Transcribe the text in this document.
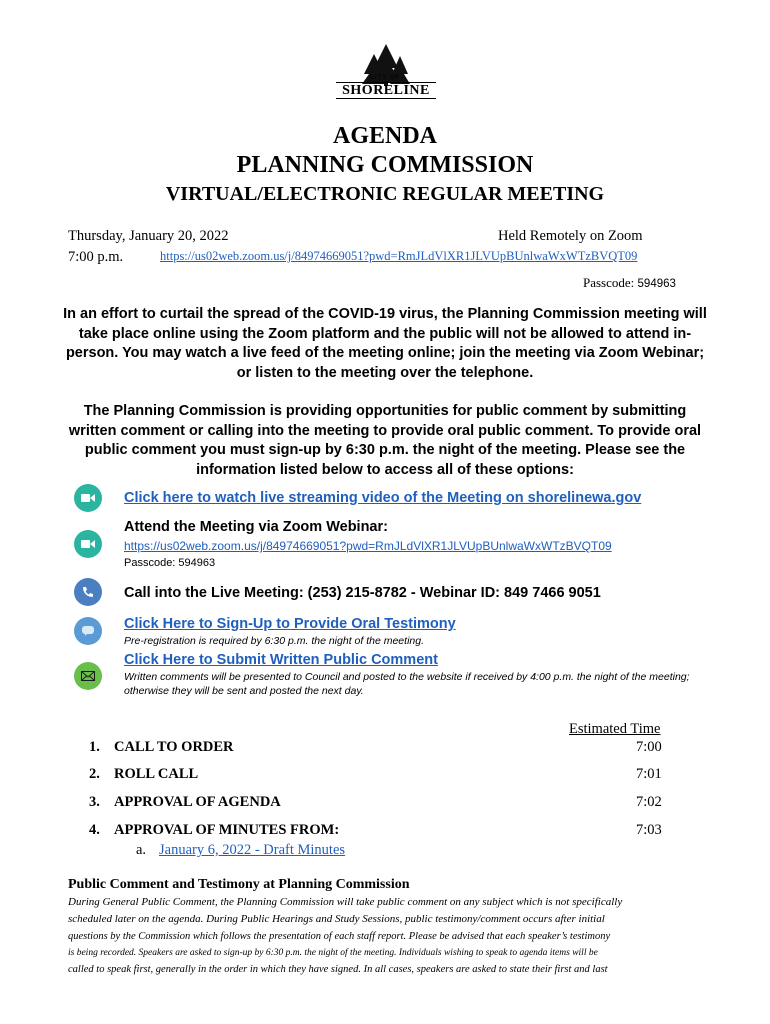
CITY OF
SHORELINE
AGENDA
PLANNING COMMISSION
VIRTUAL/ELECTRONIC REGULAR MEETING
Thursday, January 20, 2022	Held Remotely on Zoom
7:00 p.m.	https://us02web.zoom.us/j/84974669051?pwd=RmJLdVlXR1JLVUpBUnlwaWxWTzBVQT09
Passcode: 594963
In an effort to curtail the spread of the COVID-19 virus, the Planning Commission meeting will take place online using the Zoom platform and the public will not be allowed to attend in-person. You may watch a live feed of the meeting online; join the meeting via Zoom Webinar; or listen to the meeting over the telephone.
The Planning Commission is providing opportunities for public comment by submitting written comment or calling into the meeting to provide oral public comment. To provide oral public comment you must sign-up by 6:30 p.m. the night of the meeting. Please see the information listed below to access all of these options:
Click here to watch live streaming video of the Meeting on shorelinewa.gov
Attend the Meeting via Zoom Webinar:
https://us02web.zoom.us/j/84974669051?pwd=RmJLdVlXR1JLVUpBUnlwaWxWTzBVQT09
Passcode: 594963
Call into the Live Meeting: (253) 215-8782 - Webinar ID: 849 7466 9051
Click Here to Sign-Up to Provide Oral Testimony
Pre-registration is required by 6:30 p.m. the night of the meeting.
Click Here to Submit Written Public Comment
Written comments will be presented to Council and posted to the website if received by 4:00 p.m. the night of the meeting; otherwise they will be sent and posted the next day.
Estimated Time
1. CALL TO ORDER	7:00
2. ROLL CALL	7:01
3. APPROVAL OF AGENDA	7:02
4. APPROVAL OF MINUTES FROM:	7:03
a. January 6, 2022 - Draft Minutes
Public Comment and Testimony at Planning Commission
During General Public Comment, the Planning Commission will take public comment on any subject which is not specifically
scheduled later on the agenda. During Public Hearings and Study Sessions, public testimony/comment occurs after initial
questions by the Commission which follows the presentation of each staff report. Please be advised that each speaker’s testimony
is being recorded. Speakers are asked to sign-up by 6:30 p.m. the night of the meeting. Individuals wishing to speak to agenda items will be
called to speak first, generally in the order in which they have signed. In all cases, speakers are asked to state their first and last
